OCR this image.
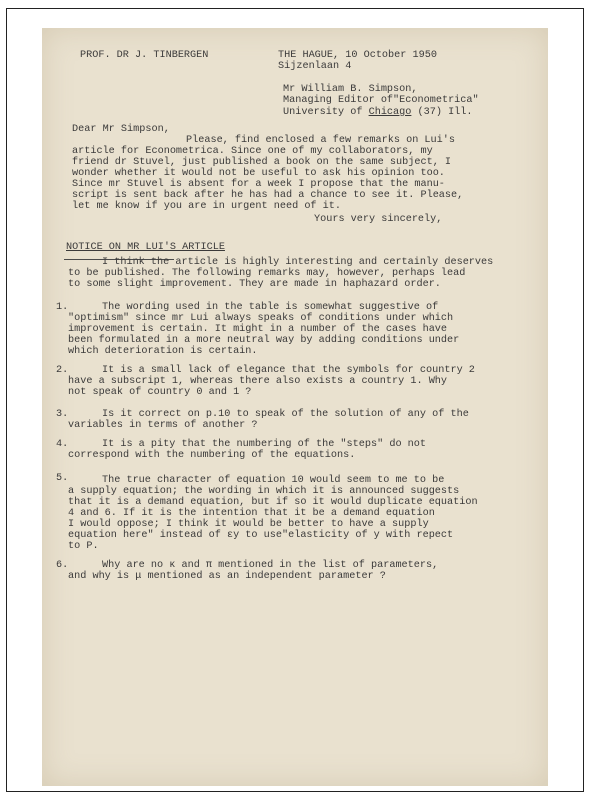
PROF. DR J. TINBERGEN	THE HAGUE, 10 October 1950
Sijzenlaan 4
Mr William B. Simpson,
Managing Editor of"Econometrica"
University of Chicago (37) Ill.
Dear Mr Simpson,
Please, find enclosed a few remarks on Lui's
article for Econometrica. Since one of my collaborators, my
friend dr Stuvel, just published a book on the same subject, I
wonder whether it would not be useful to ask his opinion too.
Since mr Stuvel is absent for a week I propose that the manu-
script is sent back after he has had a chance to see it. Please,
let me know if you are in urgent need of it.
Yours very sincerely,
NOTICE ON MR LUI'S ARTICLE
I think the article is highly interesting and certainly deserves
to be published. The following remarks may, however, perhaps lead
to some slight improvement. They are made in haphazard order.
1.	The wording used in the table is somewhat suggestive of
"optimism" since mr Lui always speaks of conditions under which
improvement is certain. It might in a number of the cases have
been formulated in a more neutral way by adding conditions under
which deterioration is certain.
2.	It is a small lack of elegance that the symbols for country 2
have a subscript 1, whereas there also exists a country 1. Why
not speak of country 0 and 1 ?
3.	Is it correct on p.10 to speak of the solution of any of the
variables in terms of another ?
4.	It is a pity that the numbering of the "steps" do not
correspond with the numbering of the equations.
5.	The true character of equation 10 would seem to me to be
a supply equation; the wording in which it is announced suggests
that it is a demand equation, but if so it would duplicate equation
4 and 6. If it is the intention that it be a demand equation
I would oppose; I think it would be better to have a supply
equation here" instead of εy to use"elasticity of y with repect
to P.
6.	Why are no κ and π mentioned in the list of parameters,
and why is μ mentioned as an independent parameter ?
